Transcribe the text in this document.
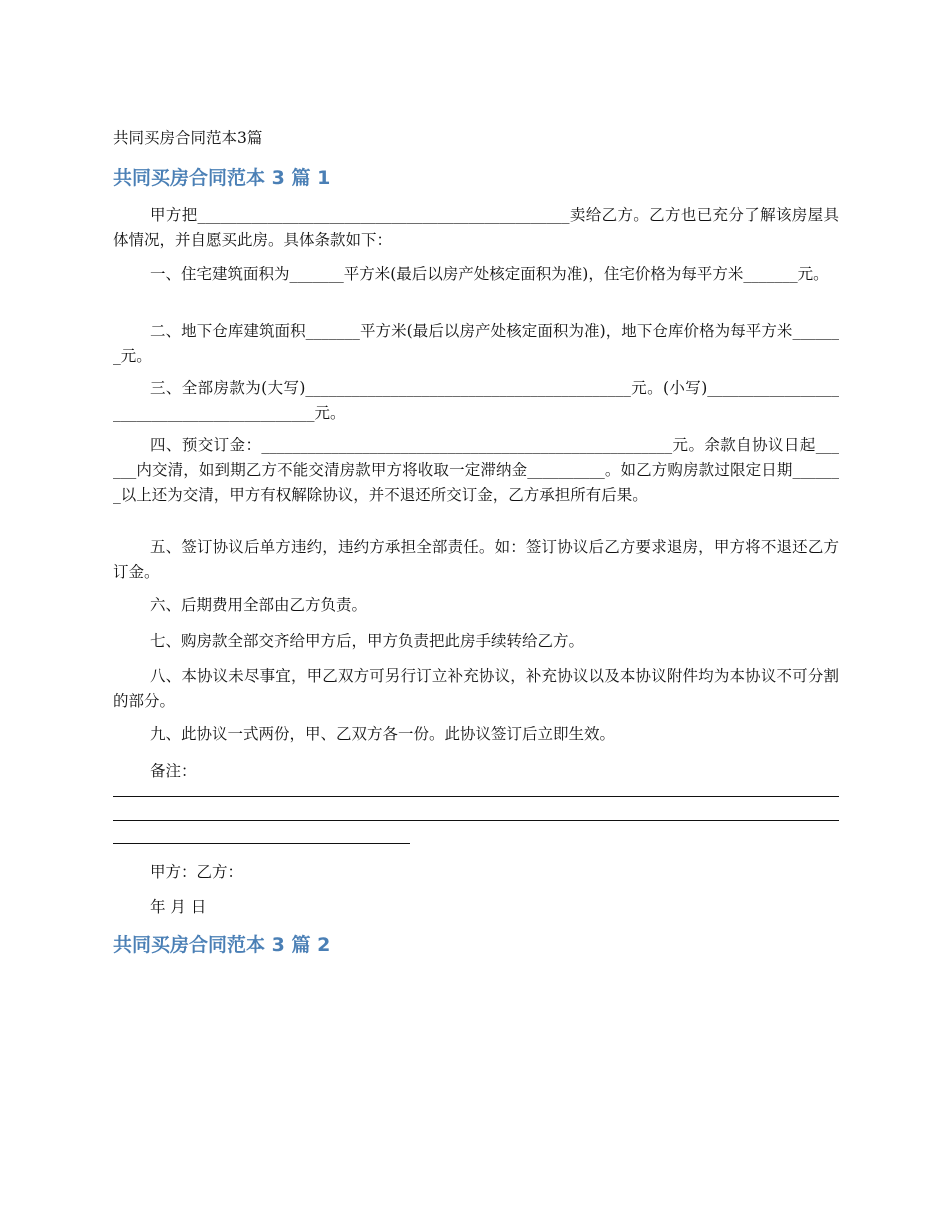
共同买房合同范本3篇
共同买房合同范本 3 篇 1

甲方把________________________________________________卖给乙方。乙方也已充分了解该房屋具体情况，并自愿买此房。具体条款如下：

一、住宅建筑面积为_______平方米(最后以房产处核定面积为准)，住宅价格为每平方米_______元。

二、地下仓库建筑面积_______平方米(最后以房产处核定面积为准)，地下仓库价格为每平方米_______元。

三、全部房款为(大写)__________________________________________元。(小写)___________________________________________元。

四、预交订金：_____________________________________________________元。余款自协议日起______内交清，如到期乙方不能交清房款甲方将收取一定滞纳金__________。如乙方购房款过限定日期_______以上还为交清，甲方有权解除协议，并不退还所交订金，乙方承担所有后果。

五、签订协议后单方违约，违约方承担全部责任。如：签订协议后乙方要求退房，甲方将不退还乙方订金。

六、后期费用全部由乙方负责。

七、购房款全部交齐给甲方后，甲方负责把此房手续转给乙方。

八、本协议未尽事宜，甲乙双方可另行订立补充协议，补充协议以及本协议附件均为本协议不可分割的部分。

九、此协议一式两份，甲、乙双方各一份。此协议签订后立即生效。

备注：

甲方：乙方：
年 月 日
共同买房合同范本 3 篇 2
